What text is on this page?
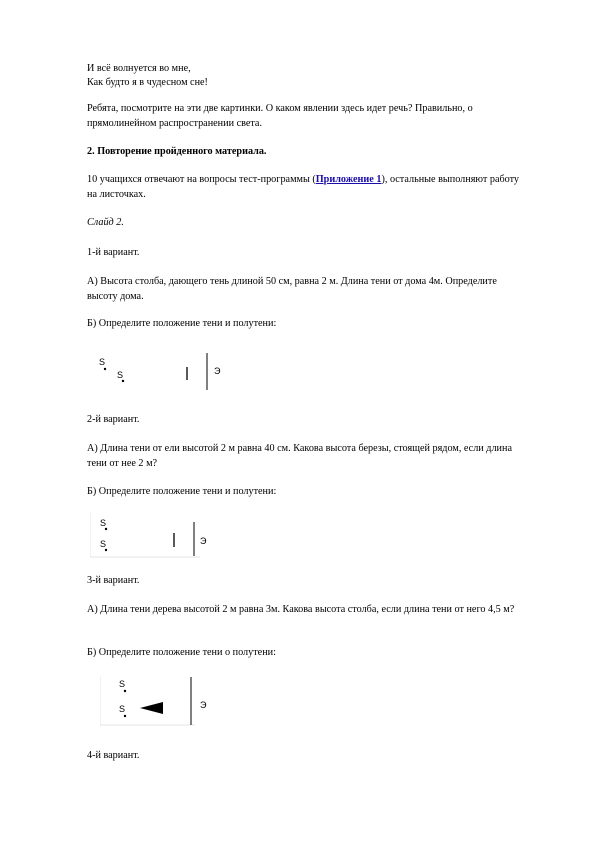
И всё волнуется во мне,
Как будто я в чудесном сне!
Ребята, посмотрите на эти две картинки. О каком явлении здесь идет речь? Правильно, о прямолинейном распространении света.
2. Повторение пройденного материала.
10 учащихся отвечают на вопросы тест-программы (Приложение 1), остальные выполняют работу на листочках.
Слайд 2.
1-й вариант.
А) Высота столба, дающего тень длиной 50 см, равна 2 м. Длина тени от дома 4м. Определите высоту дома.
Б) Определите положение тени и полутени:
S
S	Э
2-й вариант.
А) Длина тени от ели высотой 2 м равна 40 см. Какова высота березы, стоящей рядом, если длина тени от нее 2 м?
Б) Определите положение тени и полутени:
S
S	Э
3-й вариант.
А) Длина тени дерева высотой 2 м равна 3м. Какова высота столба, если длина тени от него 4,5 м?
Б) Определите положение тени о полутени:
S
S	Э
4-й вариант.
